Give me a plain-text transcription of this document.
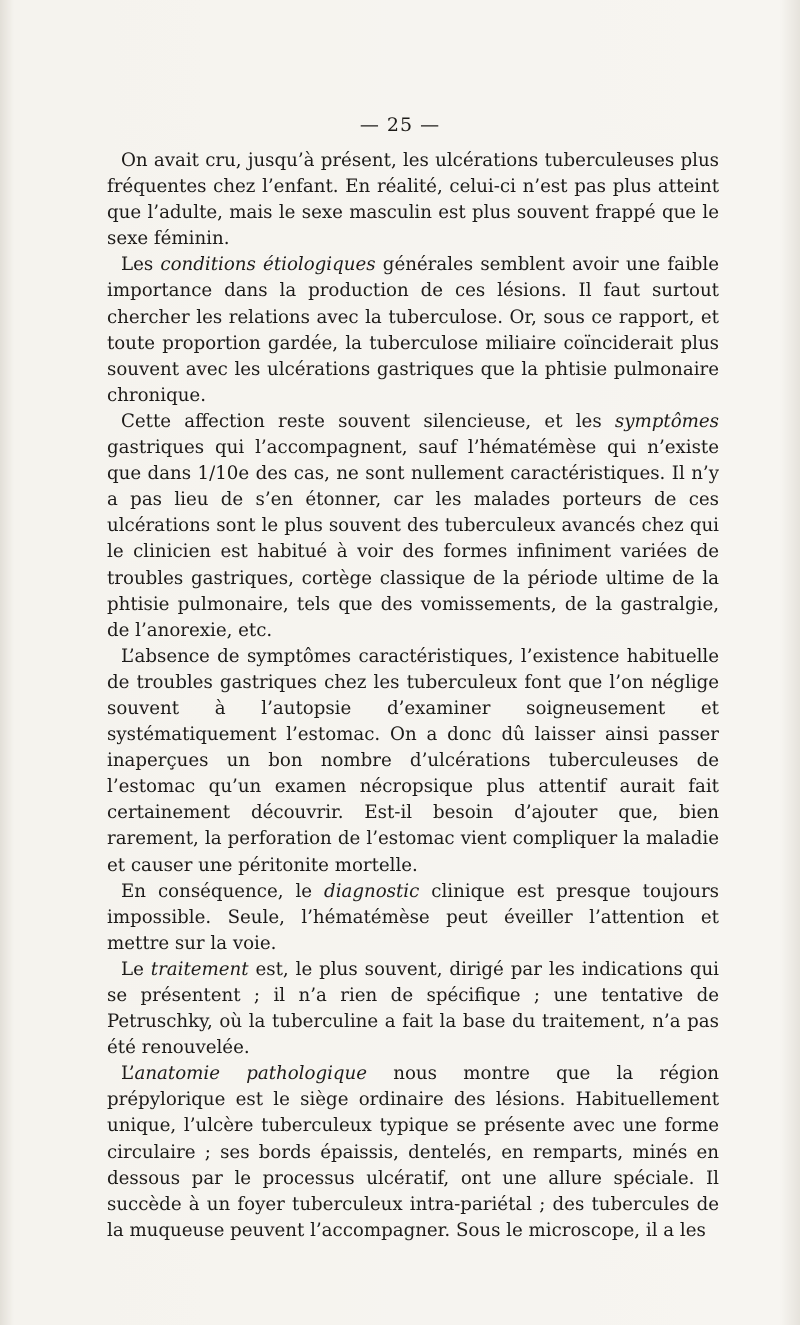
— 25 —

On avait cru, jusqu’à présent, les ulcérations tuberculeuses plus fréquentes chez l’enfant. En réalité, celui-ci n’est pas plus atteint que l’adulte, mais le sexe masculin est plus souvent frappé que le sexe féminin.

Les conditions étiologiques générales semblent avoir une faible importance dans la production de ces lésions. Il faut surtout chercher les relations avec la tuberculose. Or, sous ce rapport, et toute proportion gardée, la tuberculose miliaire coïnciderait plus souvent avec les ulcérations gastriques que la phtisie pulmonaire chronique.

Cette affection reste souvent silencieuse, et les symptômes gastriques qui l’accompagnent, sauf l’hématémèse qui n’existe que dans 1/10e des cas, ne sont nullement caractéristiques. Il n’y a pas lieu de s’en étonner, car les malades porteurs de ces ulcérations sont le plus souvent des tuberculeux avancés chez qui le clinicien est habitué à voir des formes infiniment variées de troubles gastriques, cortège classique de la période ultime de la phtisie pulmonaire, tels que des vomissements, de la gastralgie, de l’anorexie, etc.

L’absence de symptômes caractéristiques, l’existence habituelle de troubles gastriques chez les tuberculeux font que l’on néglige souvent à l’autopsie d’examiner soigneusement et systématiquement l’estomac. On a donc dû laisser ainsi passer inaperçues un bon nombre d’ulcérations tuberculeuses de l’estomac qu’un examen nécropsique plus attentif aurait fait certainement découvrir. Est-il besoin d’ajouter que, bien rarement, la perforation de l’estomac vient compliquer la maladie et causer une péritonite mortelle.

En conséquence, le diagnostic clinique est presque toujours impossible. Seule, l’hématémèse peut éveiller l’attention et mettre sur la voie.

Le traitement est, le plus souvent, dirigé par les indications qui se présentent ; il n’a rien de spécifique ; une tentative de Petruschky, où la tuberculine a fait la base du traitement, n’a pas été renouvelée.

L’anatomie pathologique nous montre que la région prépylorique est le siège ordinaire des lésions. Habituellement unique, l’ulcère tuberculeux typique se présente avec une forme circulaire ; ses bords épaissis, dentelés, en remparts, minés en dessous par le processus ulcératif, ont une allure spéciale. Il succède à un foyer tuberculeux intra-pariétal ; des tubercules de la muqueuse peuvent l’accompagner. Sous le microscope, il a les
